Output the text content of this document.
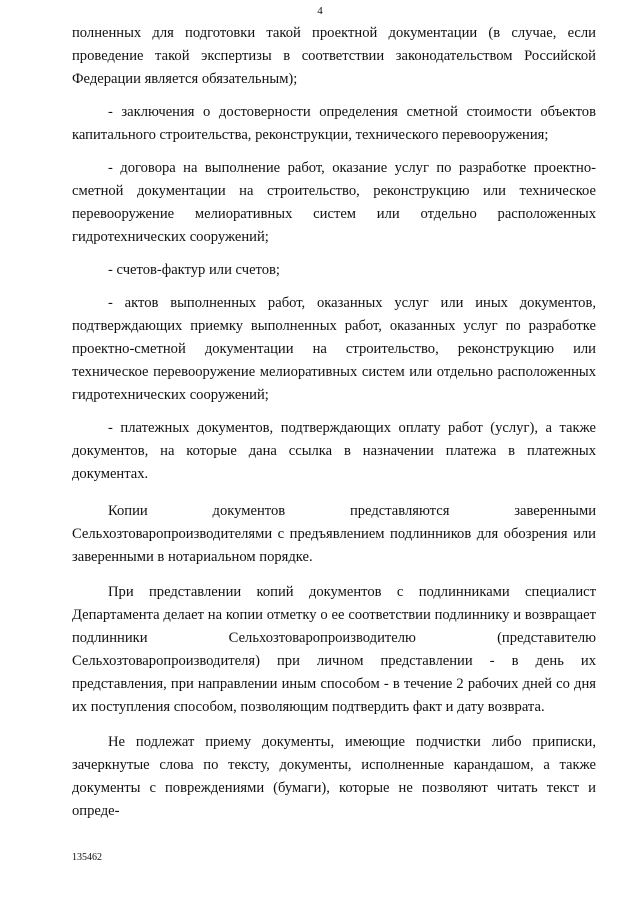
4

полненных для подготовки такой проектной документации (в случае, если проведение такой экспертизы в соответствии законодательством Российской Федерации является обязательным);

- заключения о достоверности определения сметной стоимости объектов капитального строительства, реконструкции, технического перевооружения;

- договора на выполнение работ, оказание услуг по разработке проектно-сметной документации на строительство, реконструкцию или техническое перевооружение мелиоративных систем или отдельно расположенных гидротехнических сооружений;

- счетов-фактур или счетов;

- актов выполненных работ, оказанных услуг или иных документов, подтверждающих приемку выполненных работ, оказанных услуг по разработке проектно-сметной документации на строительство, реконструкцию или техническое перевооружение мелиоративных систем или отдельно расположенных гидротехнических сооружений;

- платежных документов, подтверждающих оплату работ (услуг), а также документов, на которые дана ссылка в назначении платежа в платежных документах.

Копии документов представляются заверенными Сельхозтоваропроизводителями с предъявлением подлинников для обозрения или заверенными в нотариальном порядке.

При представлении копий документов с подлинниками специалист Департамента делает на копии отметку о ее соответствии подлиннику и возвращает подлинники Сельхозтоваропроизводителю (представителю Сельхозтоваропроизводителя) при личном представлении - в день их представления, при направлении иным способом - в течение 2 рабочих дней со дня их поступления способом, позволяющим подтвердить факт и дату возврата.

Не подлежат приему документы, имеющие подчистки либо приписки, зачеркнутые слова по тексту, документы, исполненные карандашом, а также документы с повреждениями (бумаги), которые не позволяют читать текст и опреде-

135462
